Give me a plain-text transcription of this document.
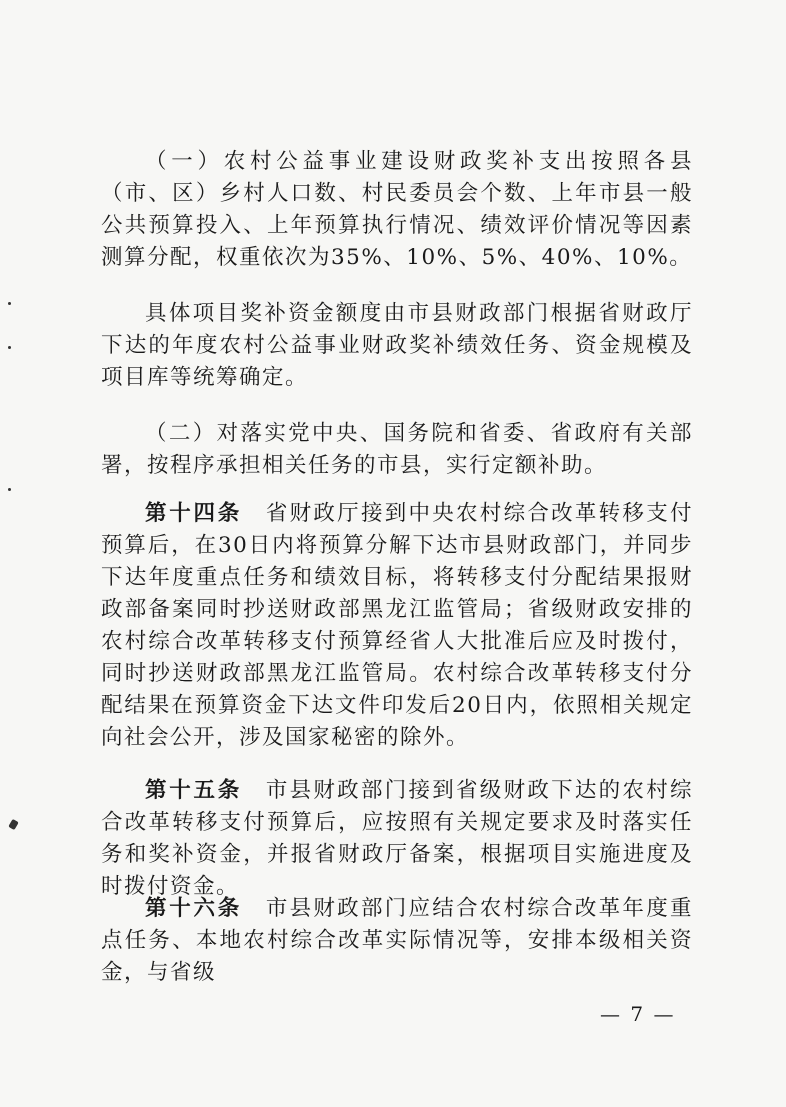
（一）农村公益事业建设财政奖补支出按照各县（市、区）乡村人口数、村民委员会个数、上年市县一般公共预算投入、上年预算执行情况、绩效评价情况等因素测算分配，权重依次为35%、10%、5%、40%、10%。

具体项目奖补资金额度由市县财政部门根据省财政厅下达的年度农村公益事业财政奖补绩效任务、资金规模及项目库等统筹确定。

（二）对落实党中央、国务院和省委、省政府有关部署，按程序承担相关任务的市县，实行定额补助。

第十四条　 省财政厅接到中央农村综合改革转移支付预算后，在30日内将预算分解下达市县财政部门，并同步下达年度重点任务和绩效目标，将转移支付分配结果报财政部备案同时抄送财政部黑龙江监管局；省级财政安排的农村综合改革转移支付预算经省人大批准后应及时拨付，同时抄送财政部黑龙江监管局。农村综合改革转移支付分配结果在预算资金下达文件印发后20日内，依照相关规定向社会公开，涉及国家秘密的除外。

第十五条　 市县财政部门接到省级财政下达的农村综合改革转移支付预算后，应按照有关规定要求及时落实任务和奖补资金，并报省财政厅备案，根据项目实施进度及时拨付资金。

第十六条　 市县财政部门应结合农村综合改革年度重点任务、本地农村综合改革实际情况等，安排本级相关资金，与省级

— 7 —
